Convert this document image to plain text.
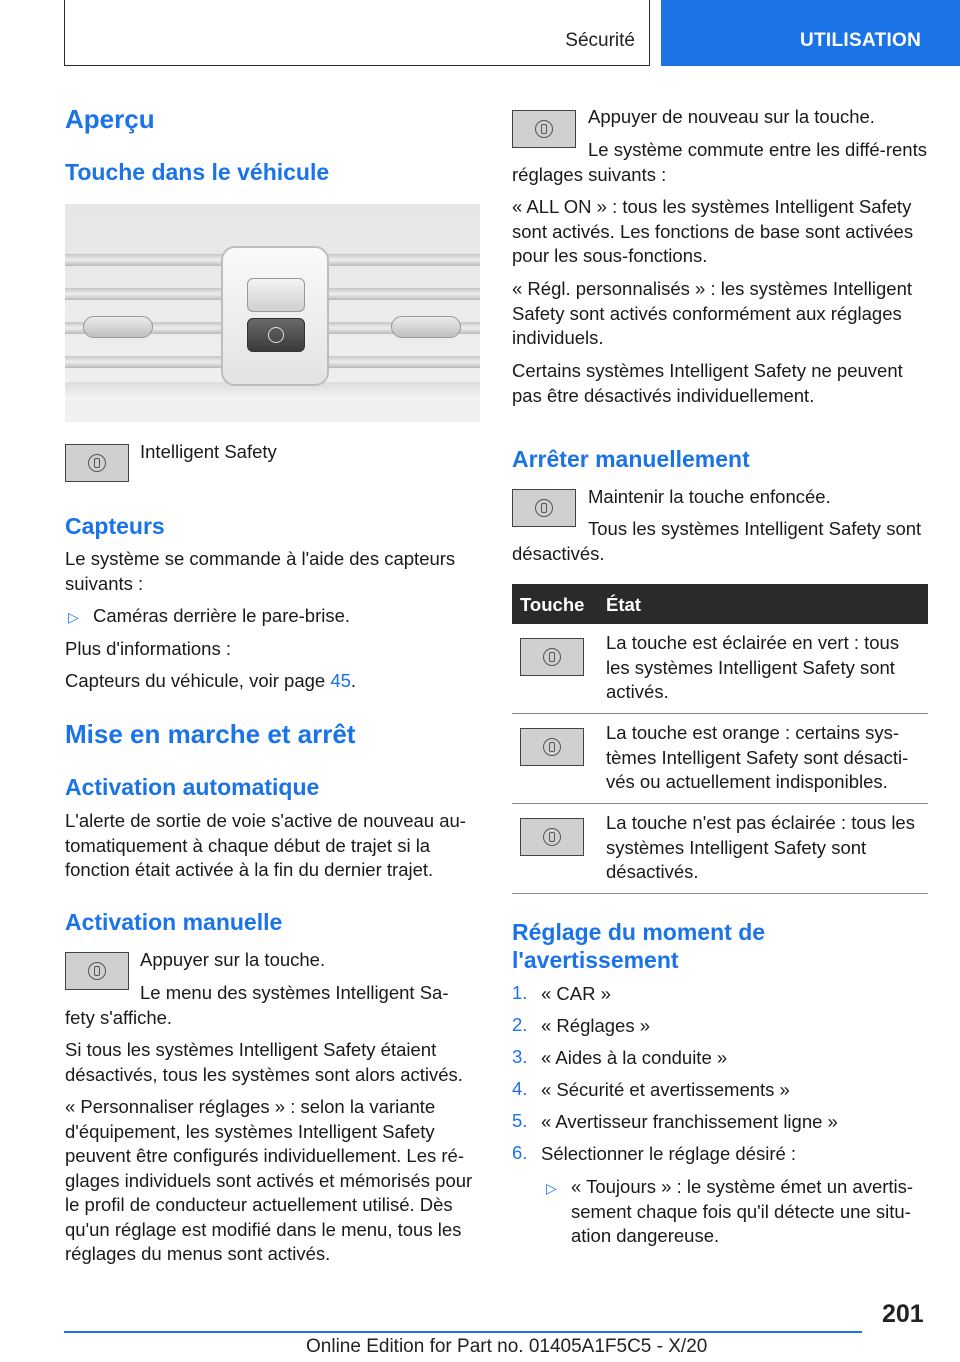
Sécurité	UTILISATION
Aperçu
Touche dans le véhicule
Intelligent Safety
Capteurs
Le système se commande à l'aide des capteurs suivants :
▷ Caméras derrière le pare-brise.
Plus d'informations :
Capteurs du véhicule, voir page 45.
Mise en marche et arrêt
Activation automatique
L'alerte de sortie de voie s'active de nouveau au-tomatiquement à chaque début de trajet si la fonction était activée à la fin du dernier trajet.
Activation manuelle
Appuyer sur la touche.
Le menu des systèmes Intelligent Sa-fety s'affiche.
Si tous les systèmes Intelligent Safety étaient désactivés, tous les systèmes sont alors activés.
« Personnaliser réglages » : selon la variante d'équipement, les systèmes Intelligent Safety peuvent être configurés individuellement. Les ré-glages individuels sont activés et mémorisés pour le profil de conducteur actuellement utilisé. Dès qu'un réglage est modifié dans le menu, tous les réglages du menus sont activés.
Appuyer de nouveau sur la touche.
Le système commute entre les diffé-rents réglages suivants :
« ALL ON » : tous les systèmes Intelligent Safety sont activés. Les fonctions de base sont activées pour les sous-fonctions.
« Régl. personnalisés » : les systèmes Intelligent Safety sont activés conformément aux réglages individuels.
Certains systèmes Intelligent Safety ne peuvent pas être désactivés individuellement.
Arrêter manuellement
Maintenir la touche enfoncée.
Tous les systèmes Intelligent Safety sont désactivés.
Touche État
La touche est éclairée en vert : tous les systèmes Intelligent Safety sont activés.
La touche est orange : certains sys-tèmes Intelligent Safety sont désacti-vés ou actuellement indisponibles.
La touche n'est pas éclairée : tous les systèmes Intelligent Safety sont désactivés.
Réglage du moment de l'avertissement
1. « CAR »
2. « Réglages »
3. « Aides à la conduite »
4. « Sécurité et avertissements »
5. « Avertisseur franchissement ligne »
6. Sélectionner le réglage désiré :
▷ « Toujours » : le système émet un avertis-sement chaque fois qu'il détecte une situ-ation dangereuse.
201
Online Edition for Part no. 01405A1F5C5 - X/20
